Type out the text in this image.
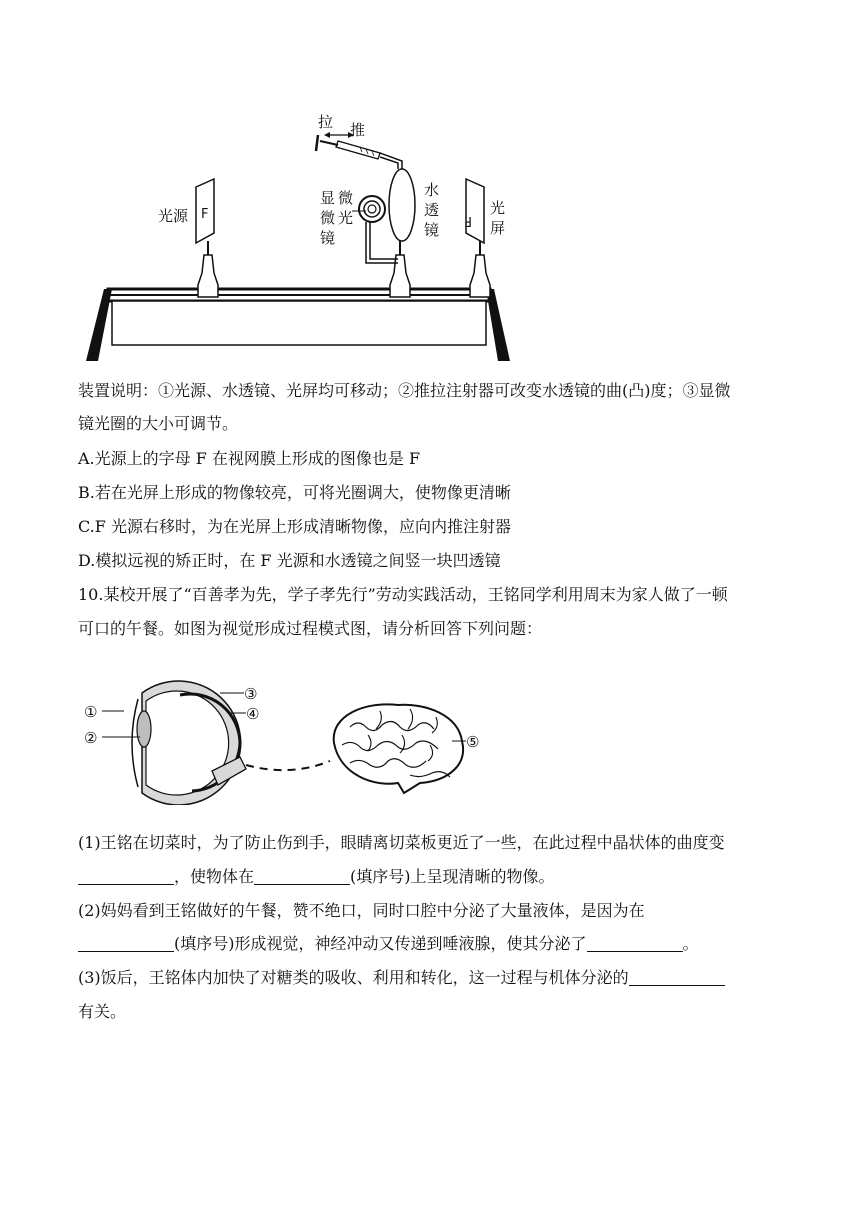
F
光源
拉 推
显
微
镜
微
光
水
透
镜
F
光
屏
装置说明：①光源、水透镜、光屏均可移动；②推拉注射器可改变水透镜的曲(凸)度；③显微
镜光圈的大小可调节。
A.光源上的字母 F 在视网膜上形成的图像也是 F
B.若在光屏上形成的物像较亮，可将光圈调大，使物像更清晰
C.F 光源右移时，为在光屏上形成清晰物像，应向内推注射器
D.模拟远视的矫正时，在 F 光源和水透镜之间竖一块凹透镜
10.某校开展了“百善孝为先，学子孝先行”劳动实践活动，王铭同学利用周末为家人做了一顿
可口的午餐。如图为视觉形成过程模式图，请分析回答下列问题：
①
②
③
④
⑤
(1)王铭在切菜时，为了防止伤到手，眼睛离切菜板更近了一些，在此过程中晶状体的曲度变
，使物体在	(填序号)上呈现清晰的物像。
(2)妈妈看到王铭做好的午餐，赞不绝口，同时口腔中分泌了大量液体，是因为在
(填序号)形成视觉，神经冲动又传递到唾液腺，使其分泌了	。
(3)饭后，王铭体内加快了对糖类的吸收、利用和转化，这一过程与机体分泌的
有关。
